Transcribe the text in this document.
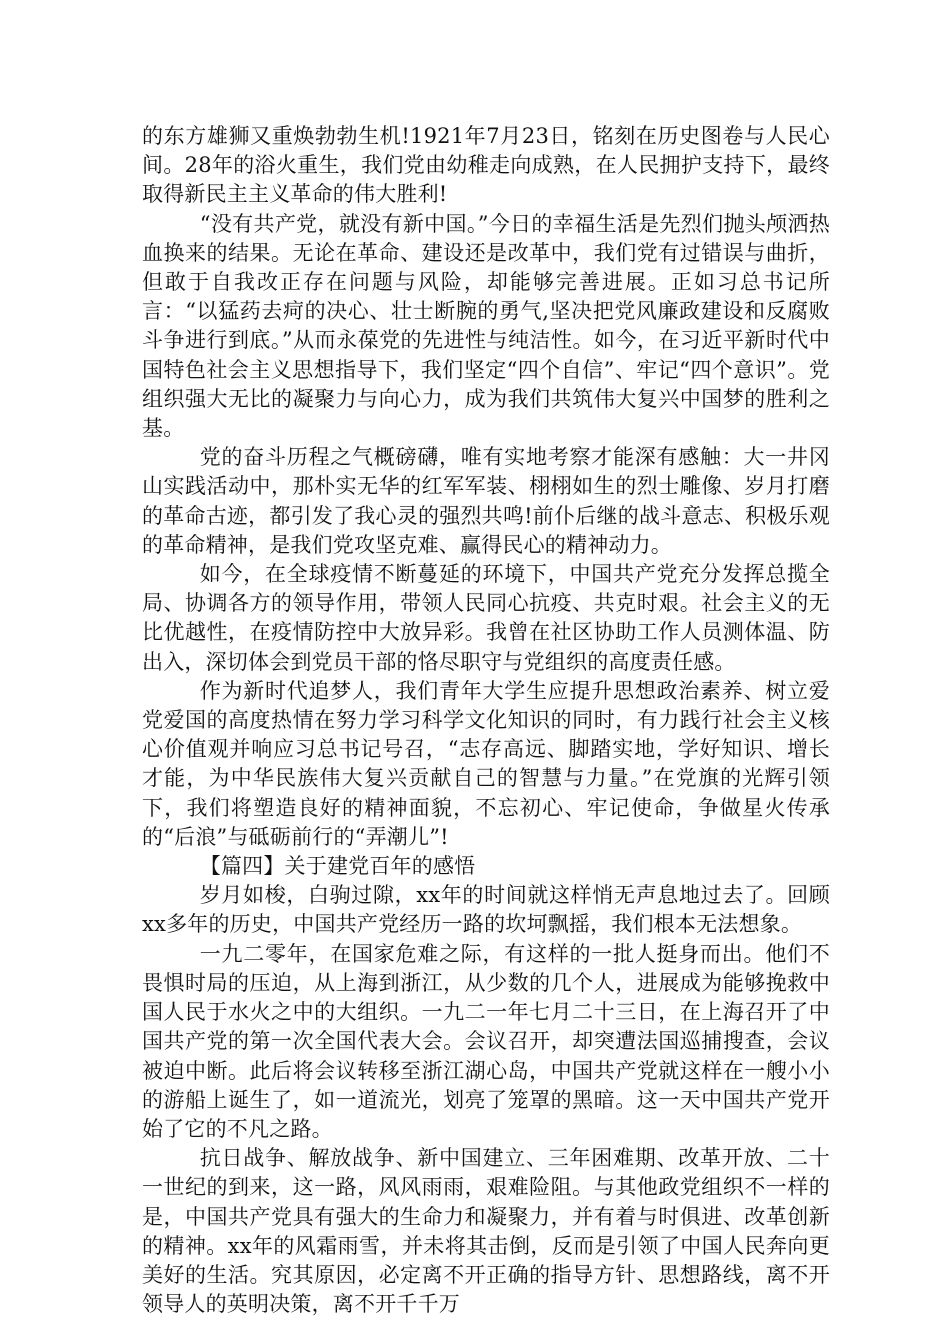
的东方雄狮又重焕勃勃生机!1921年7月23日，铭刻在历史图卷与人民心间。28年的浴火重生，我们党由幼稚走向成熟，在人民拥护支持下，最终取得新民主主义革命的伟大胜利!

“没有共产党，就没有新中国。”今日的幸福生活是先烈们抛头颅洒热血换来的结果。无论在革命、建设还是改革中，我们党有过错误与曲折，但敢于自我改正存在问题与风险，却能够完善进展。正如习总书记所言：“以猛药去疴的决心、壮士断腕的勇气,坚决把党风廉政建设和反腐败斗争进行到底。”从而永葆党的先进性与纯洁性。如今，在习近平新时代中国特色社会主义思想指导下，我们坚定“四个自信”、牢记“四个意识”。党组织强大无比的凝聚力与向心力，成为我们共筑伟大复兴中国梦的胜利之基。

党的奋斗历程之气概磅礴，唯有实地考察才能深有感触：大一井冈山实践活动中，那朴实无华的红军军装、栩栩如生的烈士雕像、岁月打磨的革命古迹，都引发了我心灵的强烈共鸣!前仆后继的战斗意志、积极乐观的革命精神，是我们党攻坚克难、赢得民心的精神动力。

如今，在全球疫情不断蔓延的环境下，中国共产党充分发挥总揽全局、协调各方的领导作用，带领人民同心抗疫、共克时艰。社会主义的无比优越性，在疫情防控中大放异彩。我曾在社区协助工作人员测体温、防出入，深切体会到党员干部的恪尽职守与党组织的高度责任感。

作为新时代追梦人，我们青年大学生应提升思想政治素养、树立爱党爱国的高度热情在努力学习科学文化知识的同时，有力践行社会主义核心价值观并响应习总书记号召，“志存高远、脚踏实地，学好知识、增长才能，为中华民族伟大复兴贡献自己的智慧与力量。”在党旗的光辉引领下，我们将塑造良好的精神面貌，不忘初心、牢记使命，争做星火传承的“后浪”与砥砺前行的“弄潮儿”!

【篇四】关于建党百年的感悟

岁月如梭，白驹过隙，xx年的时间就这样悄无声息地过去了。回顾xx多年的历史，中国共产党经历一路的坎坷飘摇，我们根本无法想象。

一九二零年，在国家危难之际，有这样的一批人挺身而出。他们不畏惧时局的压迫，从上海到浙江，从少数的几个人，进展成为能够挽救中国人民于水火之中的大组织。一九二一年七月二十三日，在上海召开了中国共产党的第一次全国代表大会。会议召开，却突遭法国巡捕搜查，会议被迫中断。此后将会议转移至浙江湖心岛，中国共产党就这样在一艘小小的游船上诞生了，如一道流光，划亮了笼罩的黑暗。这一天中国共产党开始了它的不凡之路。

抗日战争、解放战争、新中国建立、三年困难期、改革开放、二十一世纪的到来，这一路，风风雨雨，艰难险阻。与其他政党组织不一样的是，中国共产党具有强大的生命力和凝聚力，并有着与时俱进、改革创新的精神。xx年的风霜雨雪，并未将其击倒，反而是引领了中国人民奔向更美好的生活。究其原因，必定离不开正确的指导方针、思想路线，离不开领导人的英明决策，离不开千千万
